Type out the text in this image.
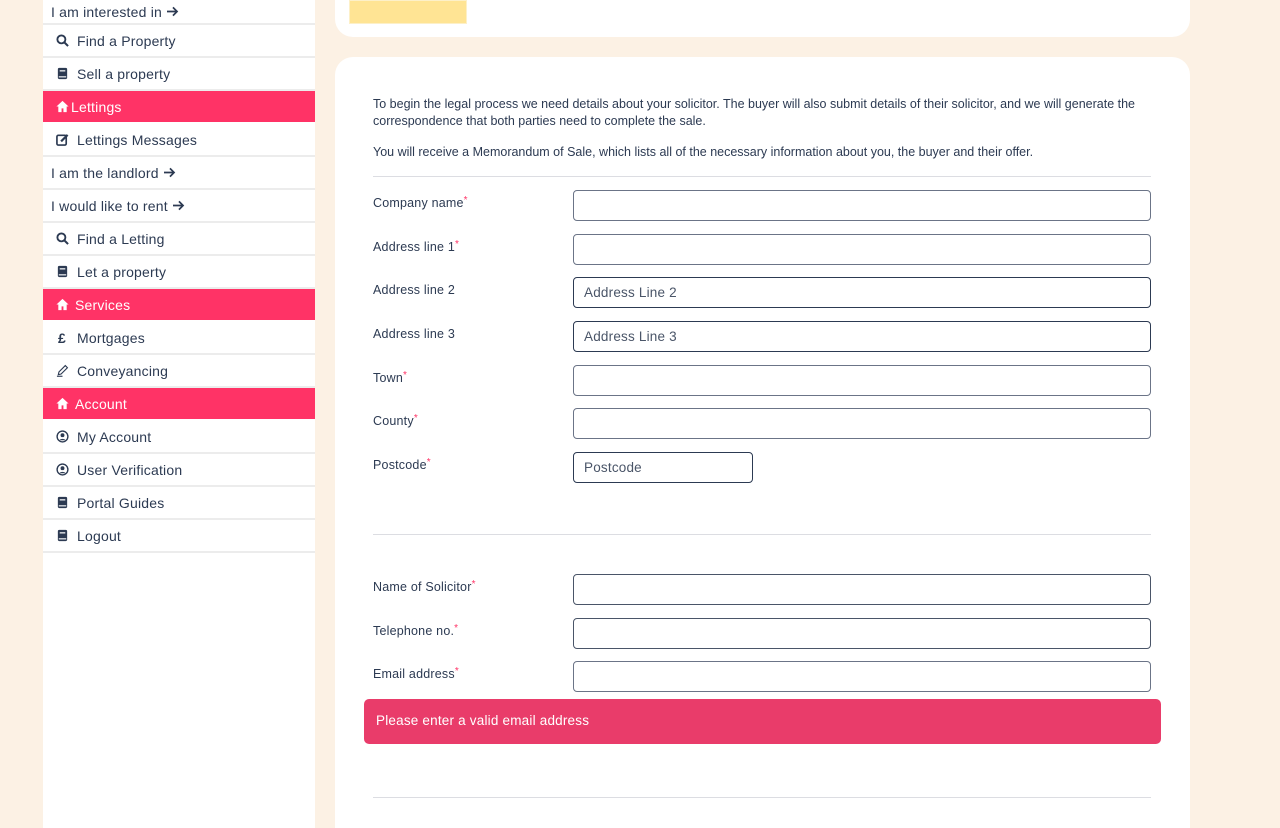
I am interested in
Find a Property
Sell a property
Lettings
Lettings Messages
I am the landlord
I would like to rent
Find a Letting
Let a property
Services
£ Mortgages
Conveyancing
Account
My Account
User Verification
Portal Guides
Logout

To begin the legal process we need details about your solicitor. The buyer will also submit details of their solicitor, and we will generate the correspondence that both parties need to complete the sale.

You will receive a Memorandum of Sale, which lists all of the necessary information about you, the buyer and their offer.

Company name*
Address line 1*
Address line 2
Address Line 2
Address line 3
Address Line 3
Town*
County*
Postcode*
Postcode
Name of Solicitor*
Telephone no.*
Email address*
Please enter a valid email address
